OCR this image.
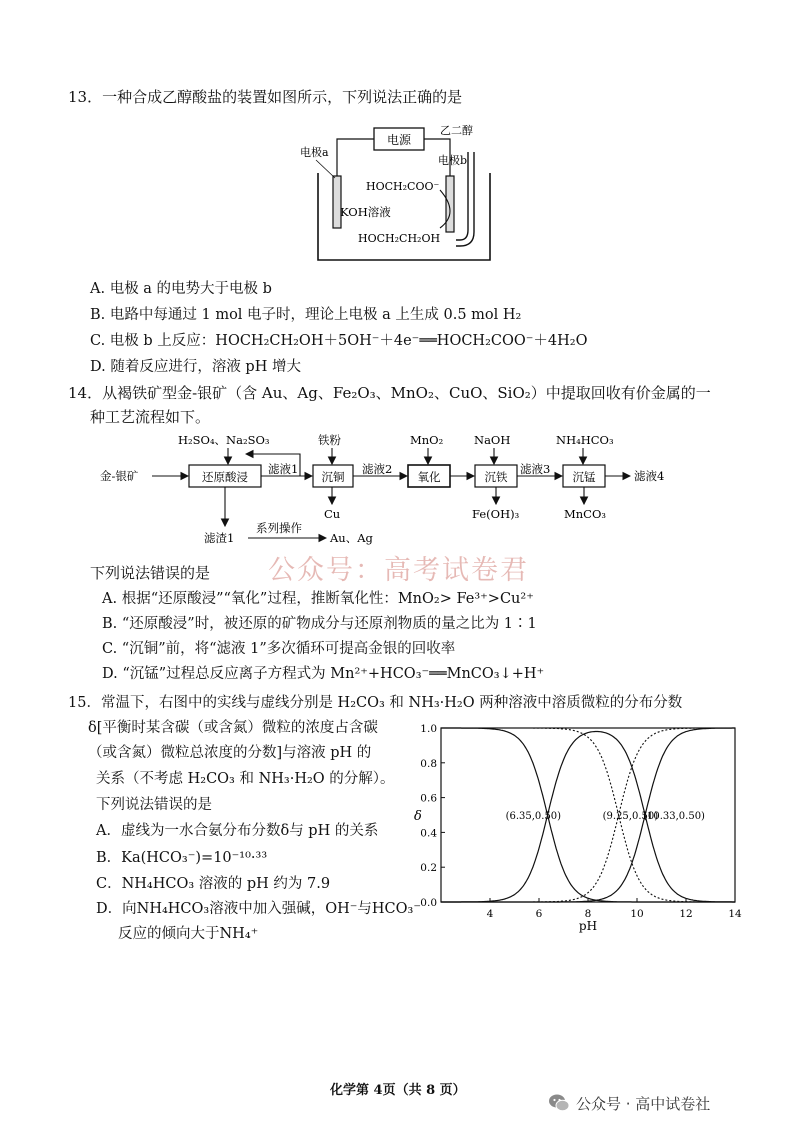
13．一种合成乙醇酸盐的装置如图所示，下列说法正确的是
电源
电极a
电极b
乙二醇
HOCH₂COO⁻
KOH溶液
HOCH₂CH₂OH
A. 电极 a 的电势大于电极 b
B. 电路中每通过 1 mol 电子时，理论上电极 a 上生成 0.5 mol H₂
C. 电极 b 上反应：HOCH₂CH₂OH＋5OH⁻＋4e⁻══HOCH₂COO⁻＋4H₂O
D. 随着反应进行，溶液 pH 增大
14．从褐铁矿型金-银矿（含 Au、Ag、Fe₂O₃、MnO₂、CuO、SiO₂）中提取回收有价金属的一
种工艺流程如下。
金-银矿
H₂SO₄、Na₂SO₃
还原酸浸
滤液1
铁粉
沉铜
Cu
滤液2
MnO₂
氧化
NaOH
沉铁
Fe(OH)₃
滤液3
NH₄HCO₃
沉锰
MnCO₃
滤液4
滤渣1
系列操作
Au、Ag
公众号：高考试卷君
下列说法错误的是
A. 根据“还原酸浸”“氧化”过程，推断氧化性：MnO₂> Fe³⁺>Cu²⁺
B. “还原酸浸”时，被还原的矿物成分与还原剂物质的量之比为 1∶1
C. “沉铜”前，将“滤液 1”多次循环可提高金银的回收率
D. “沉锰”过程总反应离子方程式为 Mn²⁺+HCO₃⁻══MnCO₃↓+H⁺
15．常温下，右图中的实线与虚线分别是 H₂CO₃ 和 NH₃·H₂O 两种溶液中溶质微粒的分布分数
δ[平衡时某含碳（或含氮）微粒的浓度占含碳
（或含氮）微粒总浓度的分数]与溶液 pH 的
关系（不考虑 H₂CO₃ 和 NH₃·H₂O 的分解）。
下列说法错误的是
A．虚线为一水合氨分布分数δ与 pH 的关系
B．Ka(HCO₃⁻)=10⁻¹⁰·³³
C．NH₄HCO₃ 溶液的 pH 约为 7.9
D．向NH₄HCO₃溶液中加入强碱，OH⁻与HCO₃⁻
反应的倾向大于NH₄⁺
0.0
0.2
0.4
0.6
0.8
1.0
4	6	8	10	12	14
(6.35,0.50)	(9.25,0.50)
(10.33,0.50)
δ
pH
化学第 4页（共 8 页）
公众号 · 高中试卷社
